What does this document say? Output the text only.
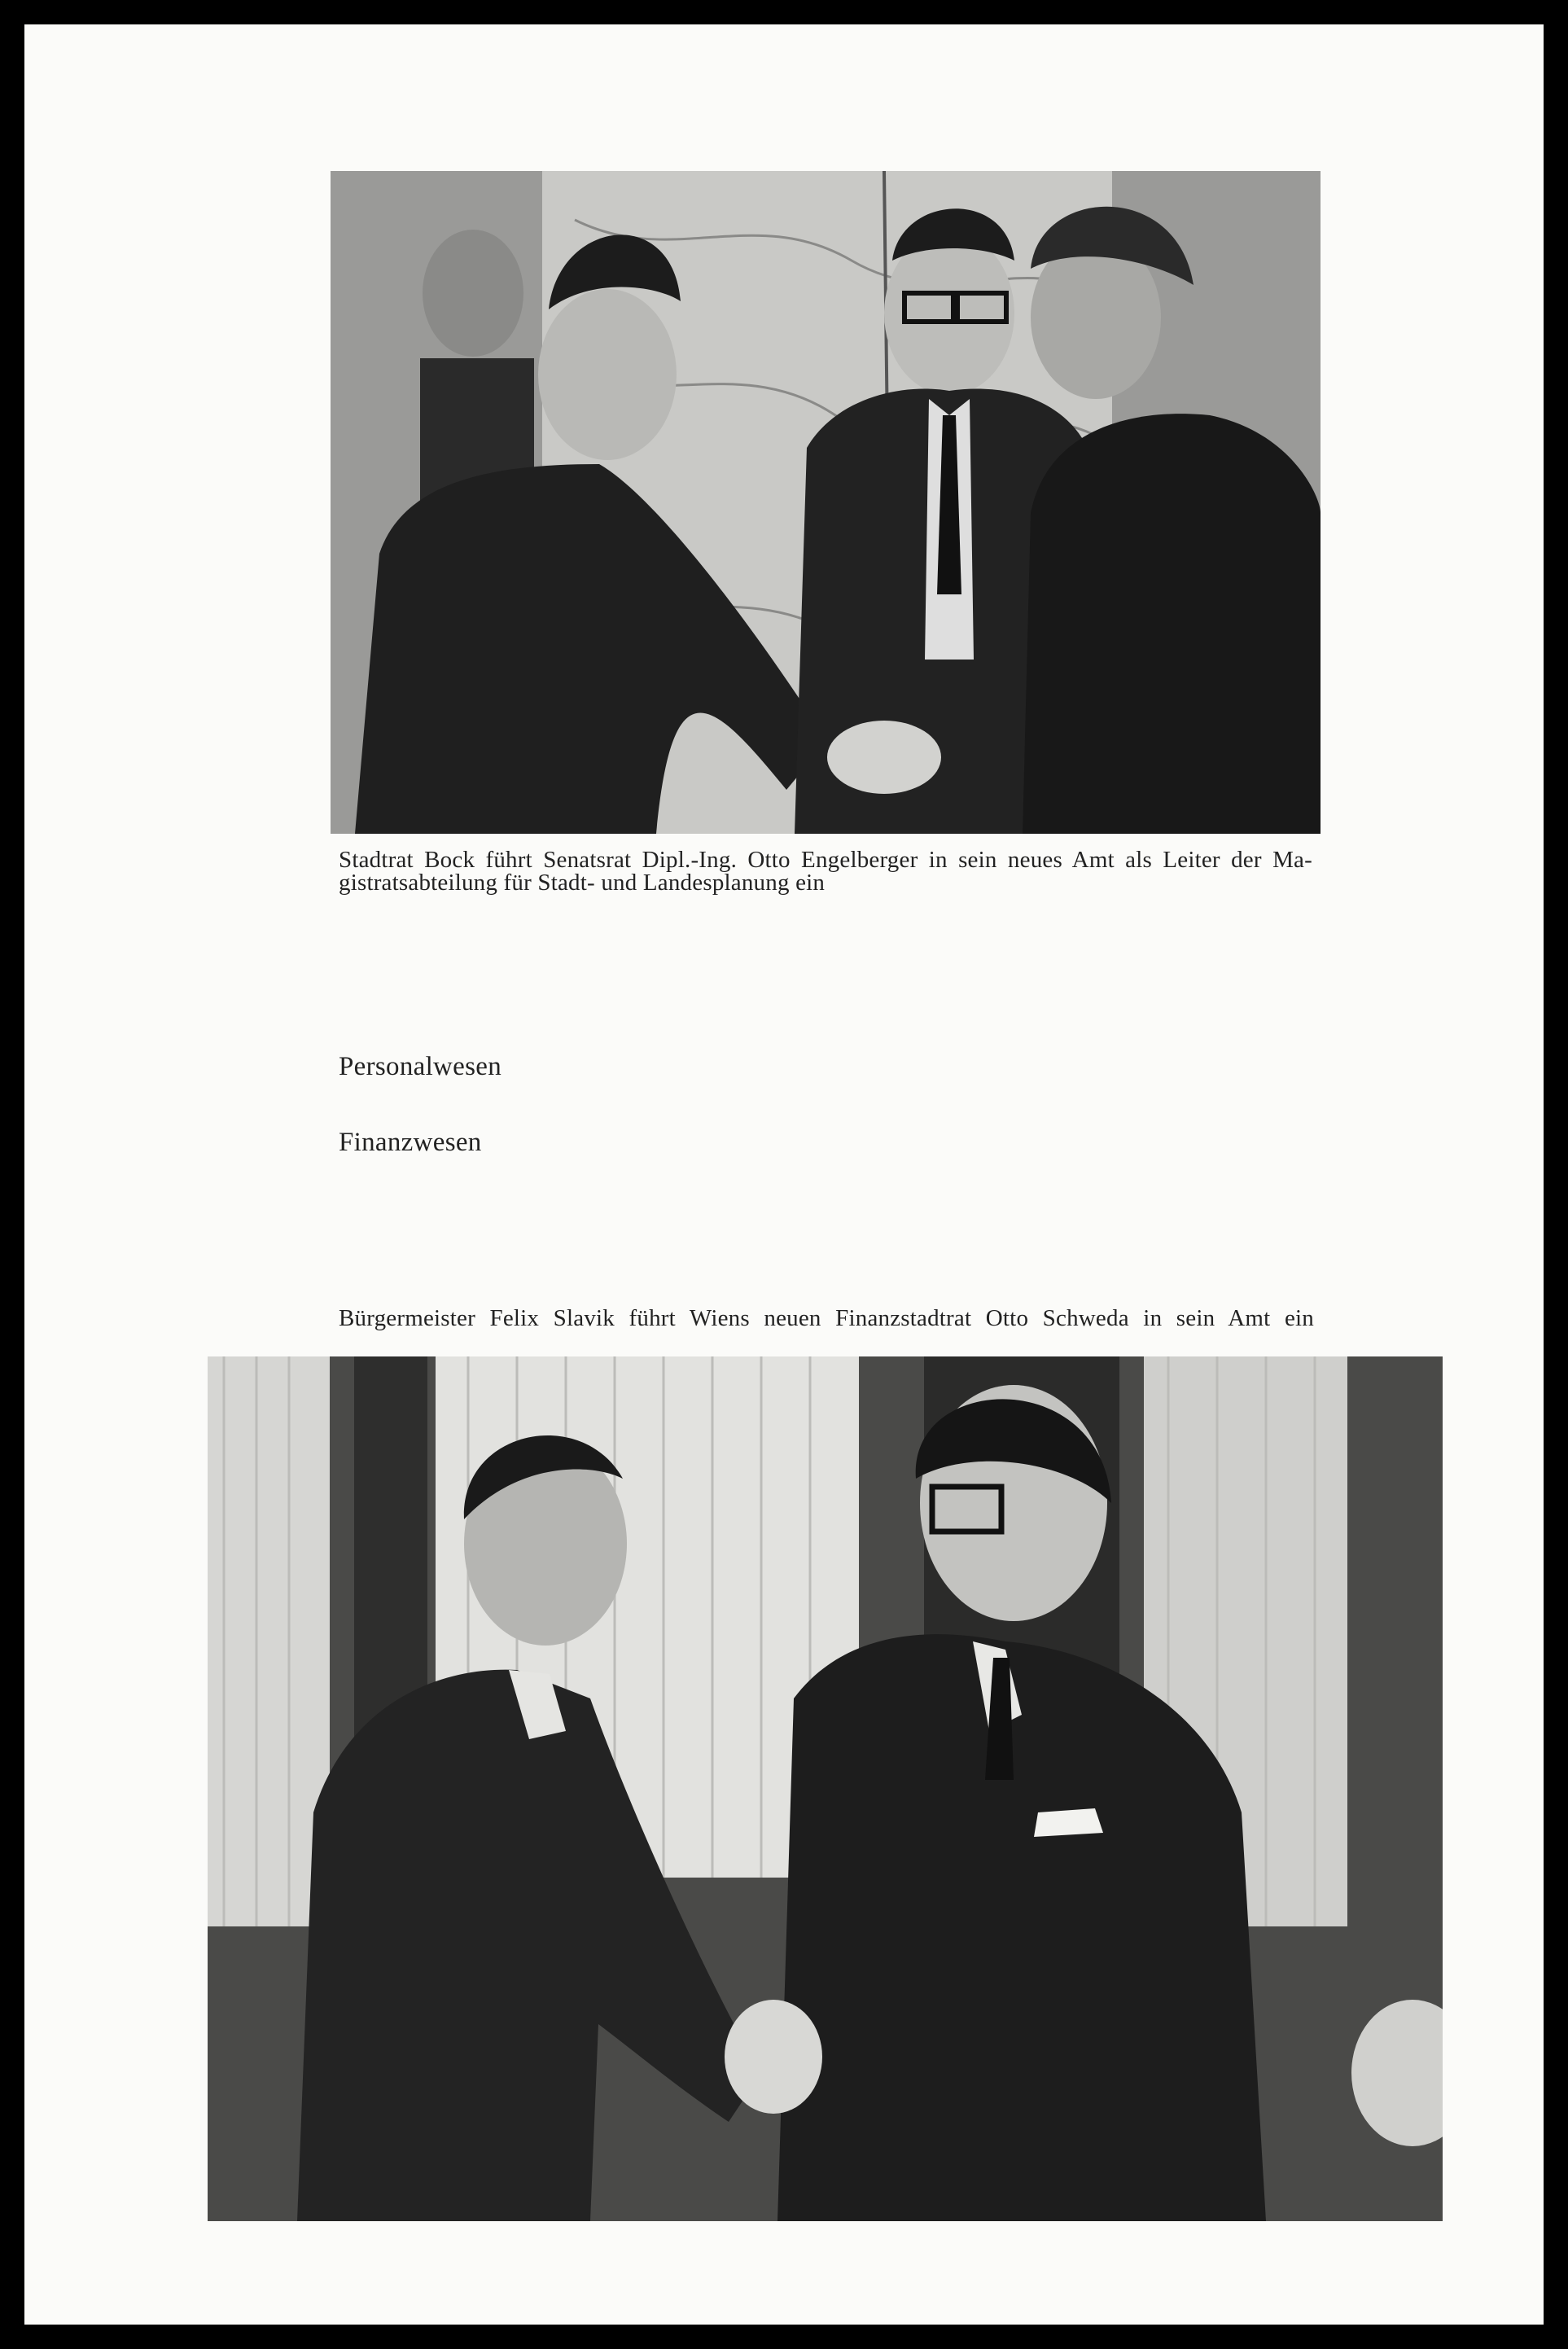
Stadtrat Bock führt Senatsrat Dipl.-Ing. Otto Engelberger in sein neues Amt als Leiter der Ma-
gistratsabteilung für Stadt- und Landesplanung ein
Personalwesen
Finanzwesen
Bürgermeister Felix Slavik führt Wiens neuen Finanzstadtrat Otto Schweda in sein Amt ein
